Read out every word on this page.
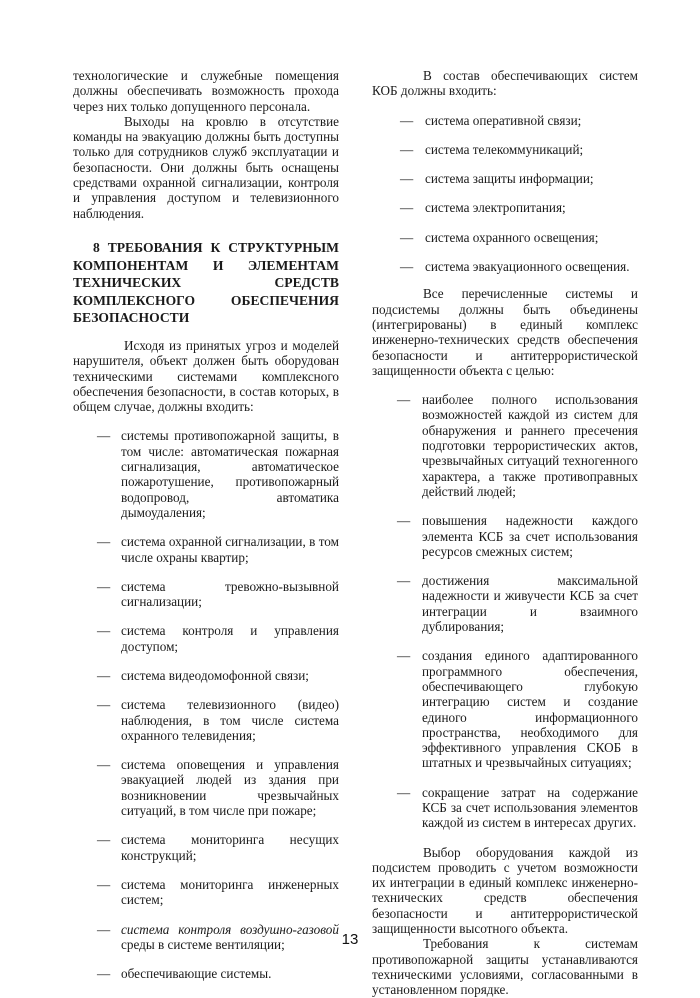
технологические и служебные помещения должны обеспечивать возможность прохода через них только допущенного персонала.

Выходы на кровлю в отсутствие команды на эвакуацию должны быть доступны только для сотрудников служб эксплуатации и безопасности. Они должны быть оснащены средствами охранной сигнализации, контроля и управления доступом и телевизионного наблюдения.

8 ТРЕБОВАНИЯ К СТРУКТУРНЫМ КОМПОНЕНТАМ И ЭЛЕМЕНТАМ ТЕХНИЧЕСКИХ СРЕДСТВ КОМПЛЕКСНОГО ОБЕСПЕЧЕНИЯ БЕЗОПАСНОСТИ

Исходя из принятых угроз и моделей нарушителя, объект должен быть оборудован техническими системами комплексного обеспечения безопасности, в состав которых, в общем случае, должны входить:

— системы противопожарной защиты, в том числе: автоматическая пожарная сигнализация, автоматическое пожаротушение, противопожарный водопровод, автоматика дымоудаления;
— система охранной сигнализации, в том числе охраны квартир;
— система тревожно-вызывной сигнализации;
— система контроля и управления доступом;
— система видеодомофонной связи;
— система телевизионного (видео) наблюдения, в том числе система охранного телевидения;
— система оповещения и управления эвакуацией людей из здания при возникновении чрезвычайных ситуаций, в том числе при пожаре;
— система мониторинга несущих конструкций;
— система мониторинга инженерных систем;
— система контроля воздушно-газовой среды в системе вентиляции;
— обеспечивающие системы.

В состав обеспечивающих систем КОБ должны входить:

— система оперативной связи;
— система телекоммуникаций;
— система защиты информации;
— система электропитания;
— система охранного освещения;
— система эвакуационного освещения.

Все перечисленные системы и подсистемы должны быть объединены (интегрированы) в единый комплекс инженерно-технических средств обеспечения безопасности и антитеррористической защищенности объекта с целью:

— наиболее полного использования возможностей каждой из систем для обнаружения и раннего пресечения подготовки террористических актов, чрезвычайных ситуаций техногенного характера, а также противоправных действий людей;
— повышения надежности каждого элемента КСБ за счет использования ресурсов смежных систем;
— достижения максимальной надежности и живучести КСБ за счет интеграции и взаимного дублирования;
— создания единого адаптированного программного обеспечения, обеспечивающего глубокую интеграцию систем и создание единого информационного пространства, необходимого для эффективного управления СКОБ в штатных и чрезвычайных ситуациях;
— сокращение затрат на содержание КСБ за счет использования элементов каждой из систем в интересах других.

Выбор оборудования каждой из подсистем проводить с учетом возможности их интеграции в единый комплекс инженерно-технических средств обеспечения безопасности и антитеррористической защищенности высотного объекта.

Требования к системам противопожарной защиты устанавливаются техническими условиями, согласованными в установленном порядке.

13
